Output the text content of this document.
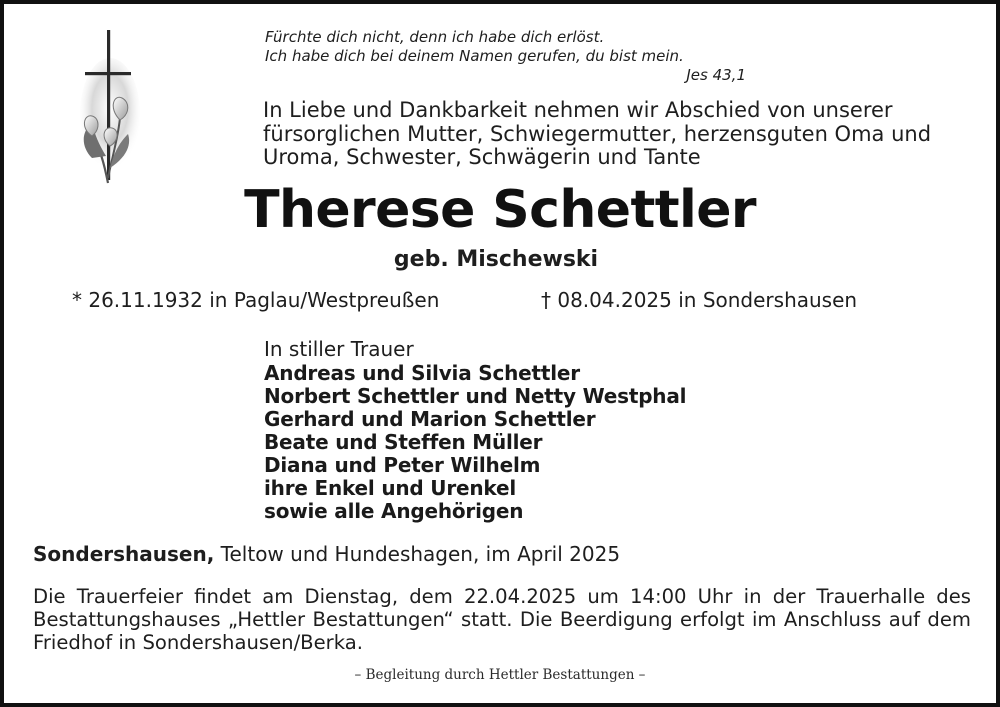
Fürchte dich nicht, denn ich habe dich erlöst.
Ich habe dich bei deinem Namen gerufen, du bist mein.
Jes 43,1
In Liebe und Dankbarkeit nehmen wir Abschied von unserer
fürsorglichen Mutter, Schwiegermutter, herzensguten Oma und
Uroma, Schwester, Schwägerin und Tante
Therese Schettler
geb. Mischewski
* 26.11.1932 in Paglau/Westpreußen	† 08.04.2025 in Sondershausen
In stiller Trauer
Andreas und Silvia Schettler
Norbert Schettler und Netty Westphal
Gerhard und Marion Schettler
Beate und Steffen Müller
Diana und Peter Wilhelm
ihre Enkel und Urenkel
sowie alle Angehörigen
Sondershausen, Teltow und Hundeshagen, im April 2025
Die Trauerfeier findet am Dienstag, dem 22.04.2025 um 14:00 Uhr in der Trauerhalle des Bestattungshauses „Hettler Bestattungen“ statt. Die Beerdigung erfolgt im Anschluss auf dem Friedhof in Sondershausen/Berka.
– Begleitung durch Hettler Bestattungen –
